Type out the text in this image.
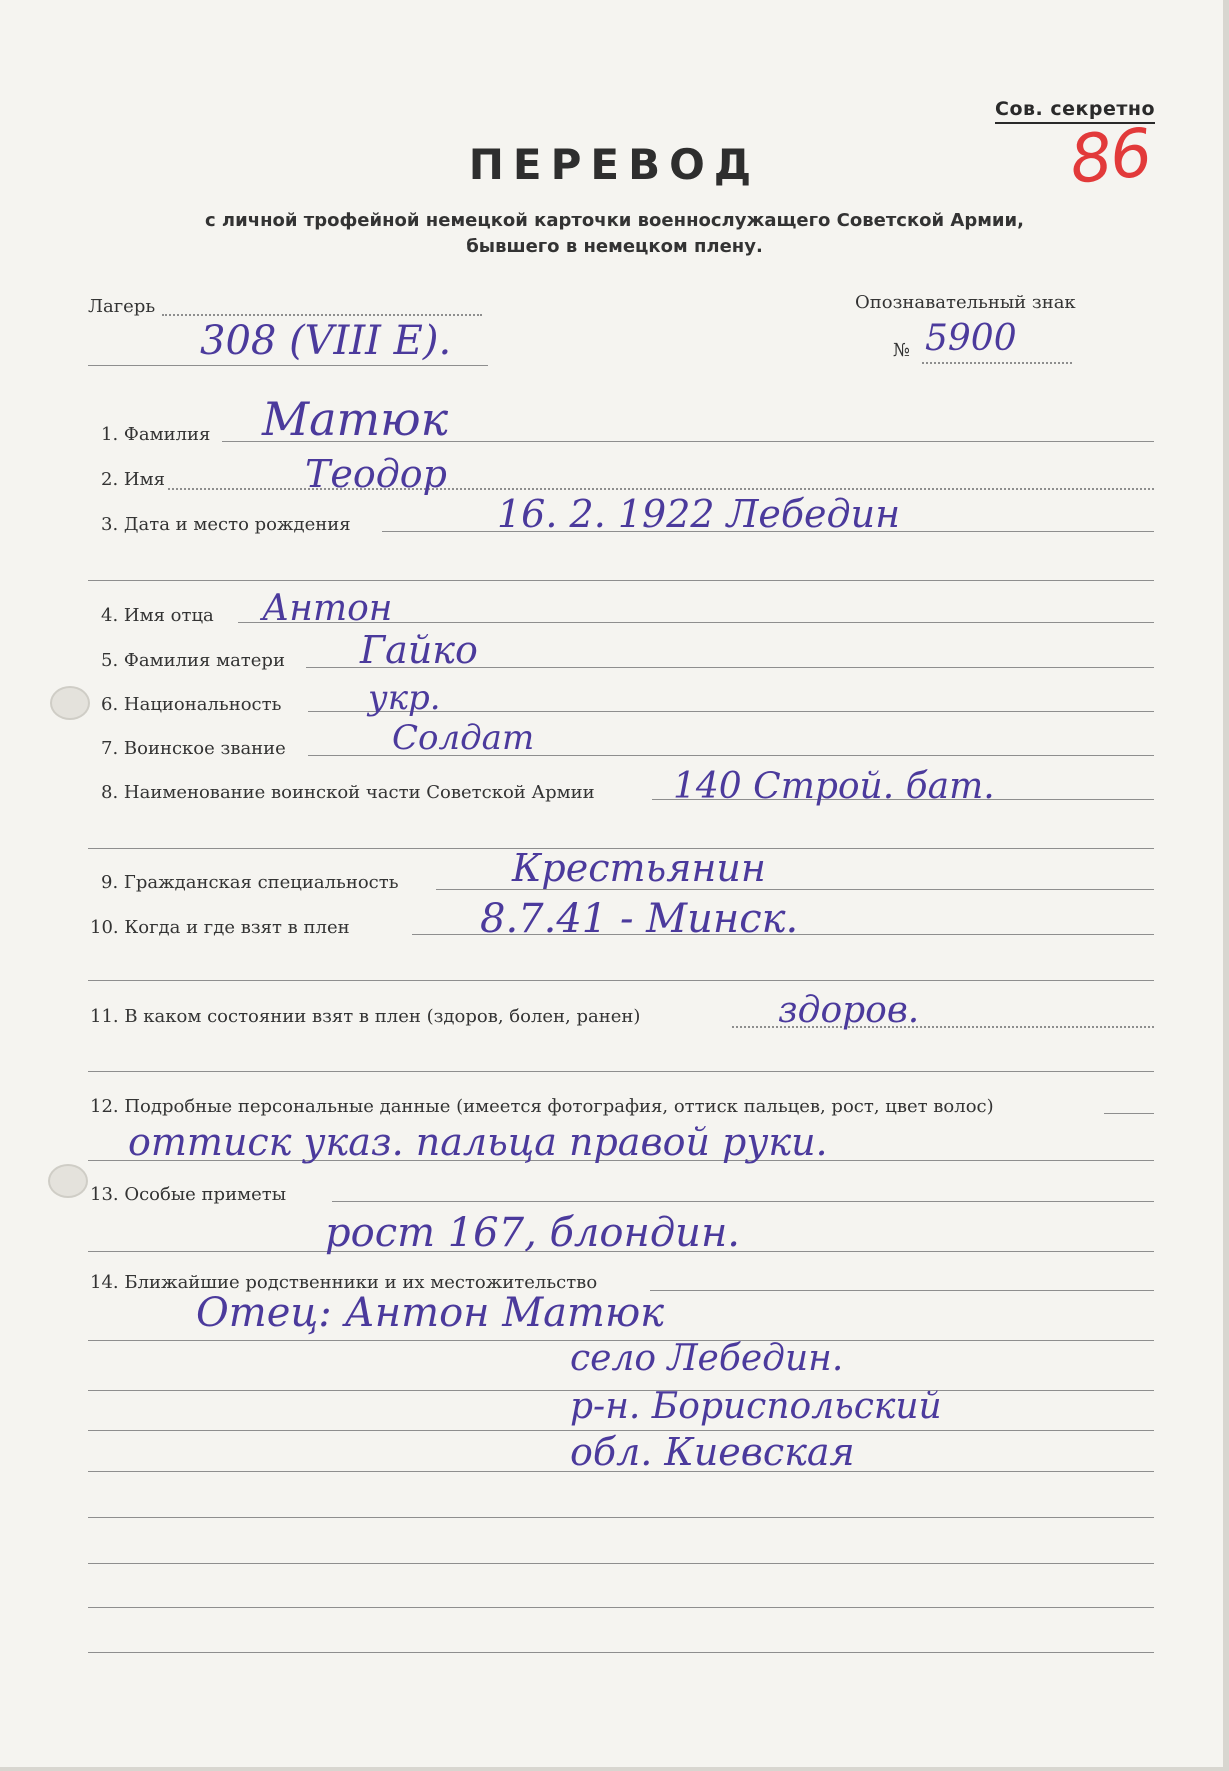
Сов. секретно
86
ПЕРЕВОД
с личной трофейной немецкой карточки военнослужащего Советской Армии,
бывшего в немецком плену.
Лагерь
308 (VIII E).
Опознавательный знак
№ 5900
1. Фамилия Матюк
2. Имя	Теодор
3. Дата и место рождения	16. 2. 1922 Лебедин
4. Имя отца Антон
5. Фамилия матери Гайко
6. Национальность	укр.
7. Воинское звание	Солдат
8. Наименование воинской части Советской Армии 140 Строй. бат.
9. Гражданская специальность	Крестьянин
10. Когда и где взят в плен	8.7.41 - Минск.
11. В каком состоянии взят в плен (здоров, болен, ранен)	здоров.
12. Подробные персональные данные (имеется фотография, оттиск пальцев, рост, цвет волос)
оттиск указ. пальца правой руки.
13. Особые приметы
рост 167, блондин.
14. Ближайшие родственники и их местожительство
Отец: Антон Матюк
село Лебедин.
р-н. Бориспольский
обл. Киевская
